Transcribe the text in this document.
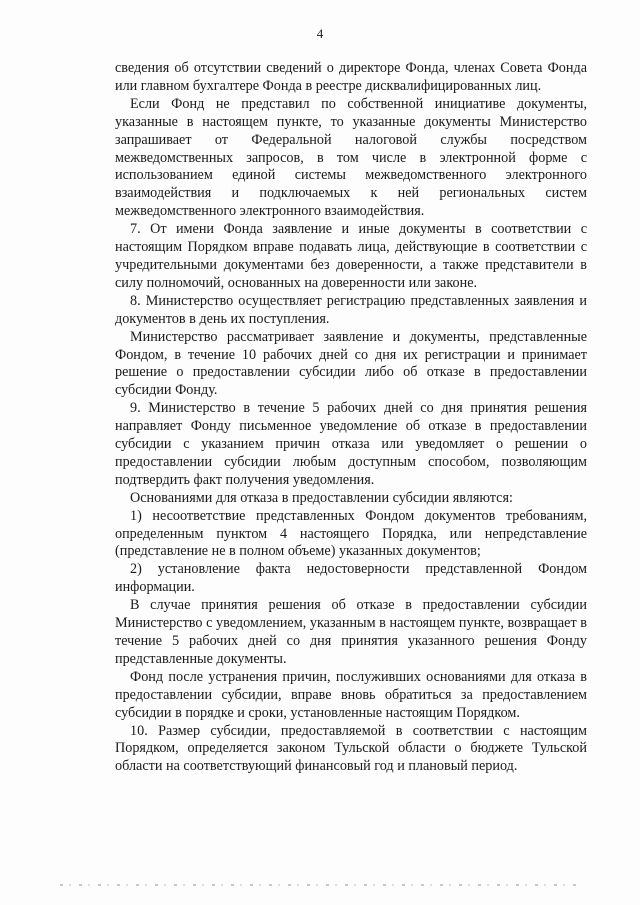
4

сведения об отсутствии сведений о директоре Фонда, членах Совета Фонда или главном бухгалтере Фонда в реестре дисквалифицированных лиц.

Если Фонд не представил по собственной инициативе документы, указанные в настоящем пункте, то указанные документы Министерство запрашивает от Федеральной налоговой службы посредством межведомственных запросов, в том числе в электронной форме с использованием единой системы межведомственного электронного взаимодействия и подключаемых к ней региональных систем межведомственного электронного взаимодействия.

7. От имени Фонда заявление и иные документы в соответствии с настоящим Порядком вправе подавать лица, действующие в соответствии с учредительными документами без доверенности, а также представители в силу полномочий, основанных на доверенности или законе.

8. Министерство осуществляет регистрацию представленных заявления и документов в день их поступления.

Министерство рассматривает заявление и документы, представленные Фондом, в течение 10 рабочих дней со дня их регистрации и принимает решение о предоставлении субсидии либо об отказе в предоставлении субсидии Фонду.

9. Министерство в течение 5 рабочих дней со дня принятия решения направляет Фонду письменное уведомление об отказе в предоставлении субсидии с указанием причин отказа или уведомляет о решении о предоставлении субсидии любым доступным способом, позволяющим подтвердить факт получения уведомления.

Основаниями для отказа в предоставлении субсидии являются:

1) несоответствие представленных Фондом документов требованиям, определенным пунктом 4 настоящего Порядка, или непредставление (представление не в полном объеме) указанных документов;

2) установление факта недостоверности представленной Фондом информации.

В случае принятия решения об отказе в предоставлении субсидии Министерство с уведомлением, указанным в настоящем пункте, возвращает в течение 5 рабочих дней со дня принятия указанного решения Фонду представленные документы.

Фонд после устранения причин, послуживших основаниями для отказа в предоставлении субсидии, вправе вновь обратиться за предоставлением субсидии в порядке и сроки, установленные настоящим Порядком.

10. Размер субсидии, предоставляемой в соответствии с настоящим Порядком, определяется законом Тульской области о бюджете Тульской области на соответствующий финансовый год и плановый период.
